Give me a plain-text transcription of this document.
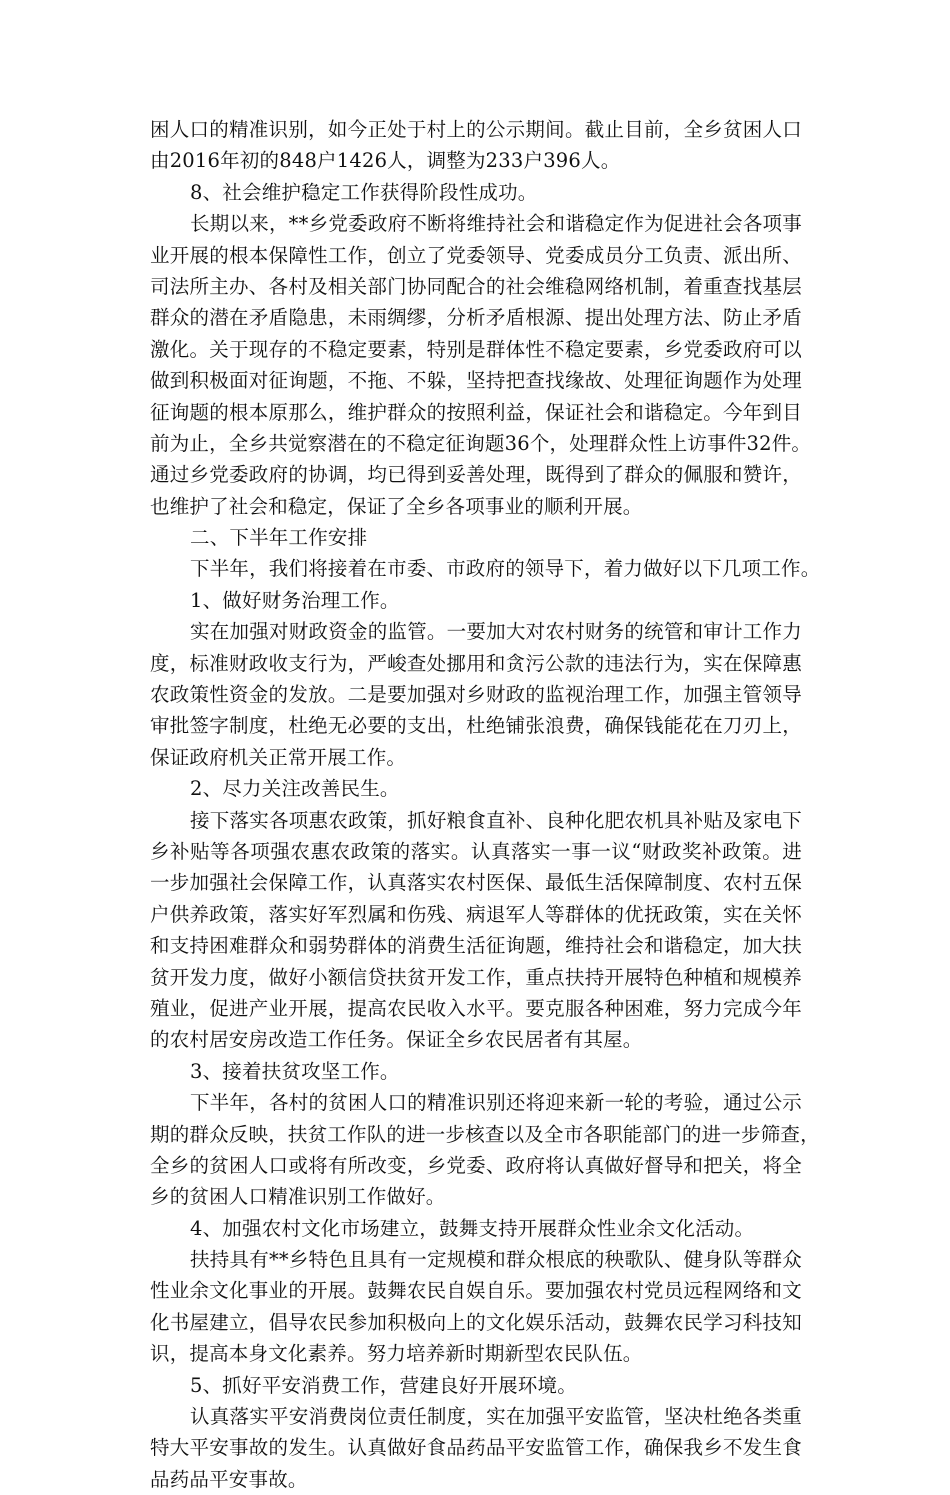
困人口的精准识别，如今正处于村上的公示期间。截止目前，全乡贫困人口
由2016年初的848户1426人，调整为233户396人。
8、社会维护稳定工作获得阶段性成功。
长期以来，**乡党委政府不断将维持社会和谐稳定作为促进社会各项事
业开展的根本保障性工作，创立了党委领导、党委成员分工负责、派出所、
司法所主办、各村及相关部门协同配合的社会维稳网络机制，着重查找基层
群众的潜在矛盾隐患，未雨绸缪，分析矛盾根源、提出处理方法、防止矛盾
激化。关于现存的不稳定要素，特别是群体性不稳定要素，乡党委政府可以
做到积极面对征询题，不拖、不躲，坚持把查找缘故、处理征询题作为处理
征询题的根本原那么，维护群众的按照利益，保证社会和谐稳定。今年到目
前为止，全乡共觉察潜在的不稳定征询题36个，处理群众性上访事件32件。
通过乡党委政府的协调，均已得到妥善处理，既得到了群众的佩服和赞许，
也维护了社会和稳定，保证了全乡各项事业的顺利开展。
二、下半年工作安排
下半年，我们将接着在市委、市政府的领导下，着力做好以下几项工作。
1、做好财务治理工作。
实在加强对财政资金的监管。一要加大对农村财务的统管和审计工作力
度，标准财政收支行为，严峻查处挪用和贪污公款的违法行为，实在保障惠
农政策性资金的发放。二是要加强对乡财政的监视治理工作，加强主管领导
审批签字制度，杜绝无必要的支出，杜绝铺张浪费，确保钱能花在刀刃上，
保证政府机关正常开展工作。
2、尽力关注改善民生。
接下落实各项惠农政策，抓好粮食直补、良种化肥农机具补贴及家电下
乡补贴等各项强农惠农政策的落实。认真落实一事一议“财政奖补政策。进
一步加强社会保障工作，认真落实农村医保、最低生活保障制度、农村五保
户供养政策，落实好军烈属和伤残、病退军人等群体的优抚政策，实在关怀
和支持困难群众和弱势群体的消费生活征询题，维持社会和谐稳定，加大扶
贫开发力度，做好小额信贷扶贫开发工作，重点扶持开展特色种植和规模养
殖业，促进产业开展，提高农民收入水平。要克服各种困难，努力完成今年
的农村居安房改造工作任务。保证全乡农民居者有其屋。
3、接着扶贫攻坚工作。
下半年，各村的贫困人口的精准识别还将迎来新一轮的考验，通过公示
期的群众反映，扶贫工作队的进一步核查以及全市各职能部门的进一步筛查，
全乡的贫困人口或将有所改变，乡党委、政府将认真做好督导和把关，将全
乡的贫困人口精准识别工作做好。
4、加强农村文化市场建立，鼓舞支持开展群众性业余文化活动。
扶持具有**乡特色且具有一定规模和群众根底的秧歌队、健身队等群众
性业余文化事业的开展。鼓舞农民自娱自乐。要加强农村党员远程网络和文
化书屋建立，倡导农民参加积极向上的文化娱乐活动，鼓舞农民学习科技知
识，提高本身文化素养。努力培养新时期新型农民队伍。
5、抓好平安消费工作，营建良好开展环境。
认真落实平安消费岗位责任制度，实在加强平安监管，坚决杜绝各类重
特大平安事故的发生。认真做好食品药品平安监管工作，确保我乡不发生食
品药品平安事故。
